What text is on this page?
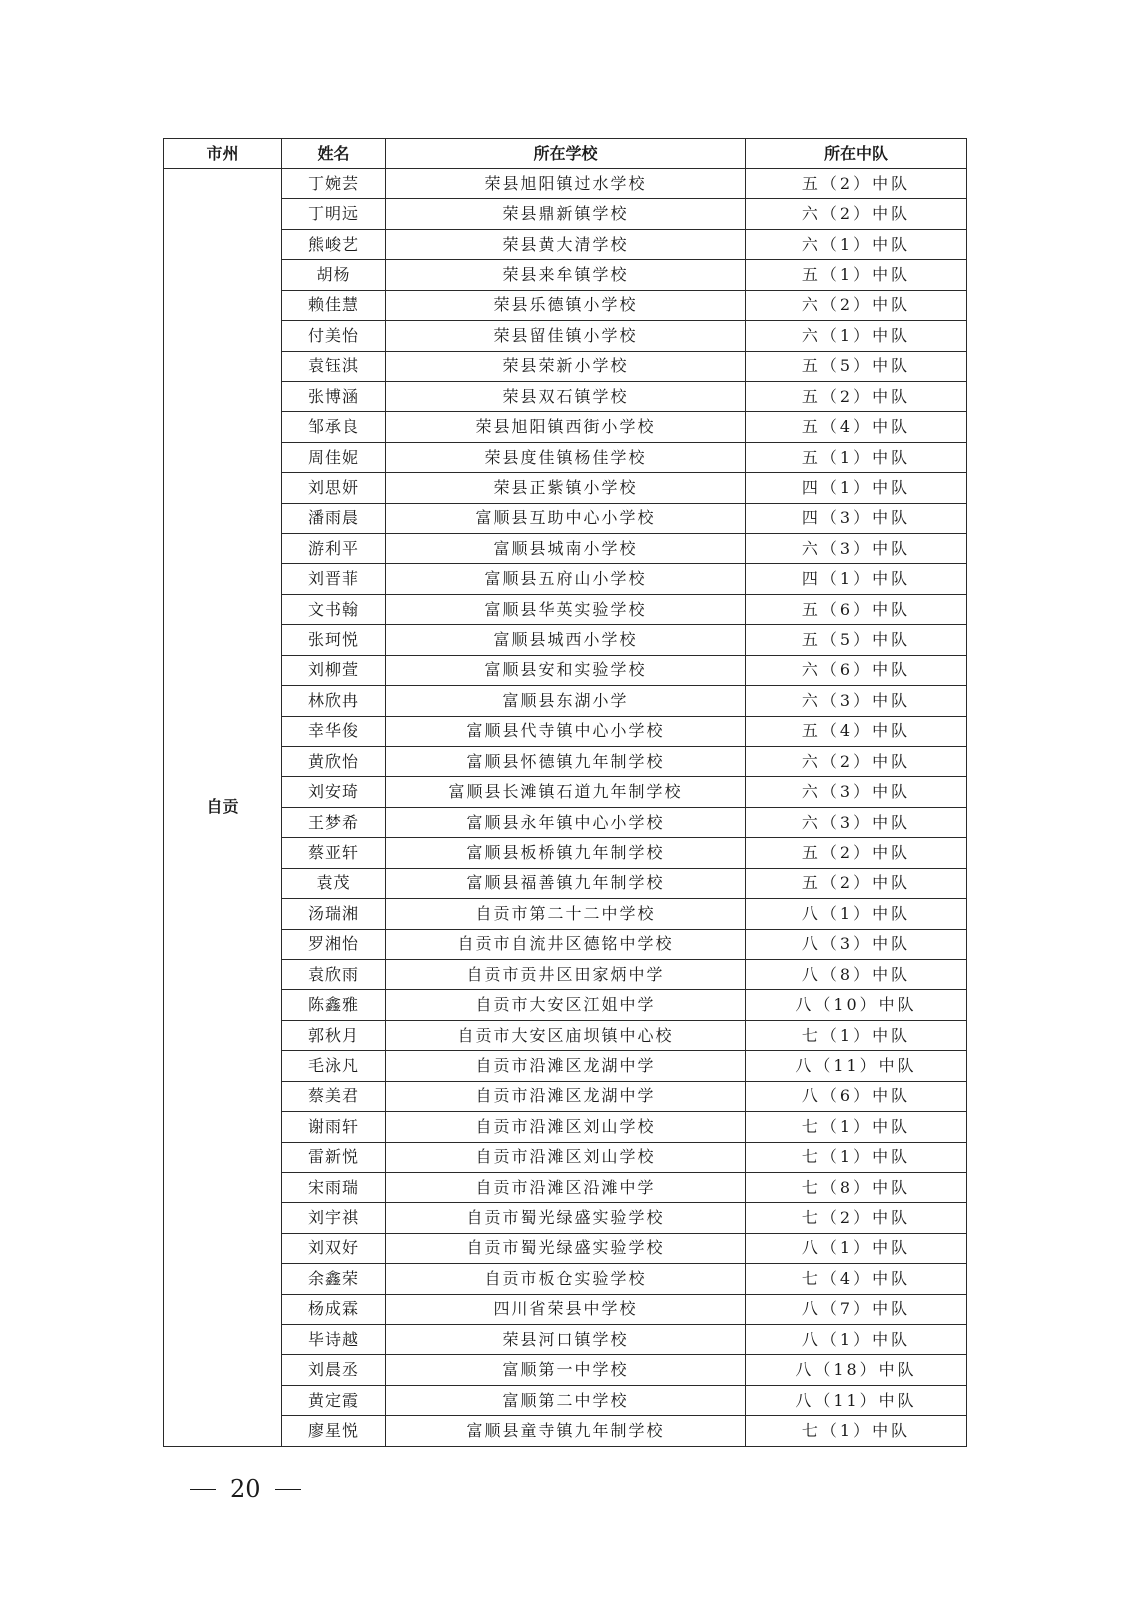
市州	姓名	所在学校	所在中队
自贡	丁婉芸	荣县旭阳镇过水学校	五（2）中队
	丁明远	荣县鼎新镇学校	六（2）中队
	熊峻艺	荣县黄大清学校	六（1）中队
	胡杨	荣县来牟镇学校	五（1）中队
	赖佳慧	荣县乐德镇小学校	六（2）中队
	付美怡	荣县留佳镇小学校	六（1）中队
	袁钰淇	荣县荣新小学校	五（5）中队
	张博涵	荣县双石镇学校	五（2）中队
	邹承良	荣县旭阳镇西街小学校	五（4）中队
	周佳妮	荣县度佳镇杨佳学校	五（1）中队
	刘思妍	荣县正紫镇小学校	四（1）中队
	潘雨晨	富顺县互助中心小学校	四（3）中队
	游利平	富顺县城南小学校	六（3）中队
	刘晋菲	富顺县五府山小学校	四（1）中队
	文书翰	富顺县华英实验学校	五（6）中队
	张珂悦	富顺县城西小学校	五（5）中队
	刘柳萱	富顺县安和实验学校	六（6）中队
	林欣冉	富顺县东湖小学	六（3）中队
	幸华俊	富顺县代寺镇中心小学校	五（4）中队
	黄欣怡	富顺县怀德镇九年制学校	六（2）中队
	刘安琦	富顺县长滩镇石道九年制学校	六（3）中队
	王梦希	富顺县永年镇中心小学校	六（3）中队
	蔡亚轩	富顺县板桥镇九年制学校	五（2）中队
	袁茂	富顺县福善镇九年制学校	五（2）中队
	汤瑞湘	自贡市第二十二中学校	八（1）中队
	罗湘怡	自贡市自流井区德铭中学校	八（3）中队
	袁欣雨	自贡市贡井区田家炳中学	八（8）中队
	陈鑫雅	自贡市大安区江姐中学	八（10）中队
	郭秋月	自贡市大安区庙坝镇中心校	七（1）中队
	毛泳凡	自贡市沿滩区龙湖中学	八（11）中队
	蔡美君	自贡市沿滩区龙湖中学	八（6）中队
	谢雨轩	自贡市沿滩区刘山学校	七（1）中队
	雷新悦	自贡市沿滩区刘山学校	七（1）中队
	宋雨瑞	自贡市沿滩区沿滩中学	七（8）中队
	刘宇祺	自贡市蜀光绿盛实验学校	七（2）中队
	刘双好	自贡市蜀光绿盛实验学校	八（1）中队
	余鑫荣	自贡市板仓实验学校	七（4）中队
	杨成霖	四川省荣县中学校	八（7）中队
	毕诗越	荣县河口镇学校	八（1）中队
	刘晨丞	富顺第一中学校	八（18）中队
	黄定霞	富顺第二中学校	八（11）中队
	廖星悦	富顺县童寺镇九年制学校	七（1）中队
20
